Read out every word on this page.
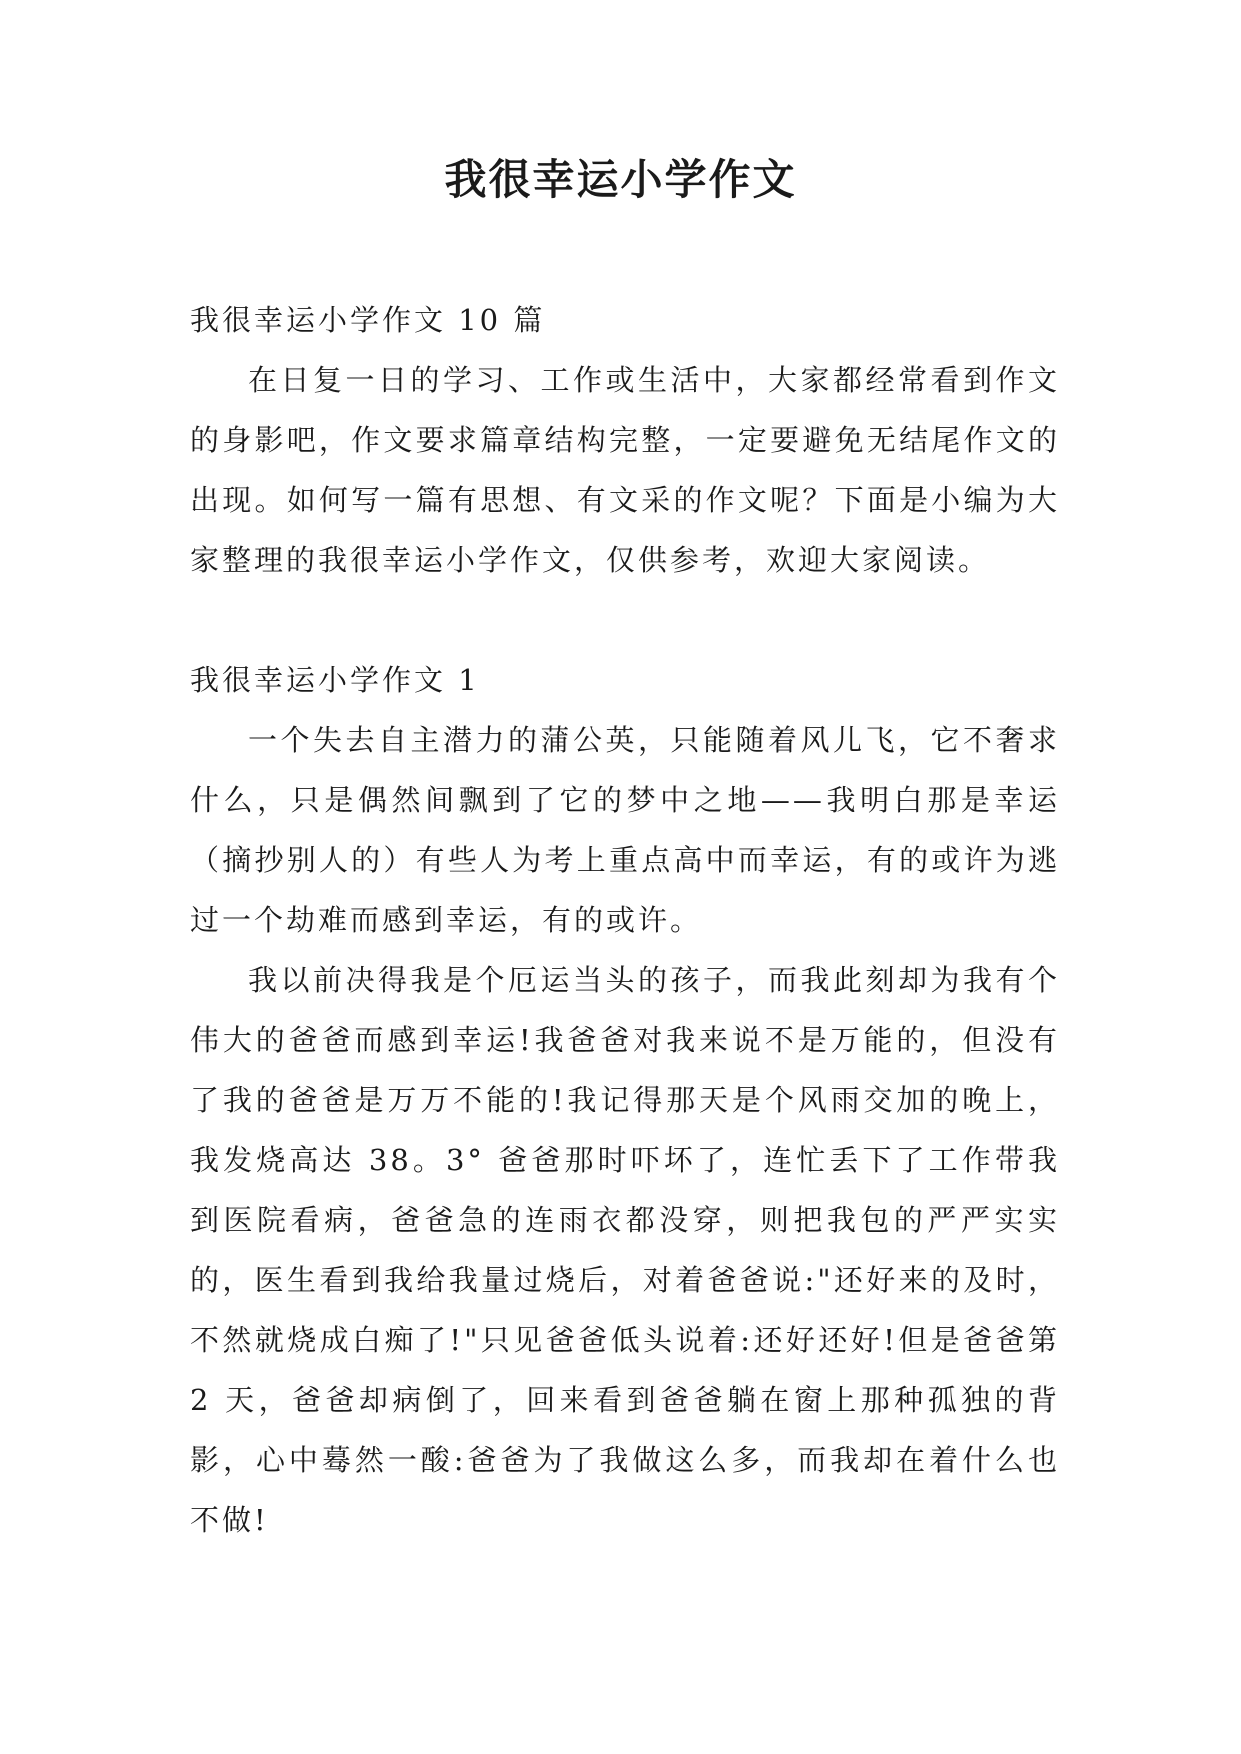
我很幸运小学作文

我很幸运小学作文 10 篇

在日复一日的学习、工作或生活中，大家都经常看到作文的身影吧，作文要求篇章结构完整，一定要避免无结尾作文的出现。如何写一篇有思想、有文采的作文呢？下面是小编为大家整理的我很幸运小学作文，仅供参考，欢迎大家阅读。

我很幸运小学作文 1

一个失去自主潜力的蒲公英，只能随着风儿飞，它不奢求什么，只是偶然间飘到了它的梦中之地——我明白那是幸运（摘抄别人的）有些人为考上重点高中而幸运，有的或许为逃过一个劫难而感到幸运，有的或许。

我以前决得我是个厄运当头的孩子，而我此刻却为我有个伟大的爸爸而感到幸运!我爸爸对我来说不是万能的，但没有了我的爸爸是万万不能的!我记得那天是个风雨交加的晚上，我发烧高达 38。3° 爸爸那时吓坏了，连忙丢下了工作带我到医院看病，爸爸急的连雨衣都没穿，则把我包的严严实实的，医生看到我给我量过烧后，对着爸爸说:"还好来的及时，不然就烧成白痴了!"只见爸爸低头说着:还好还好!但是爸爸第 2 天，爸爸却病倒了，回来看到爸爸躺在窗上那种孤独的背影，心中蓦然一酸:爸爸为了我做这么多，而我却在着什么也不做!
